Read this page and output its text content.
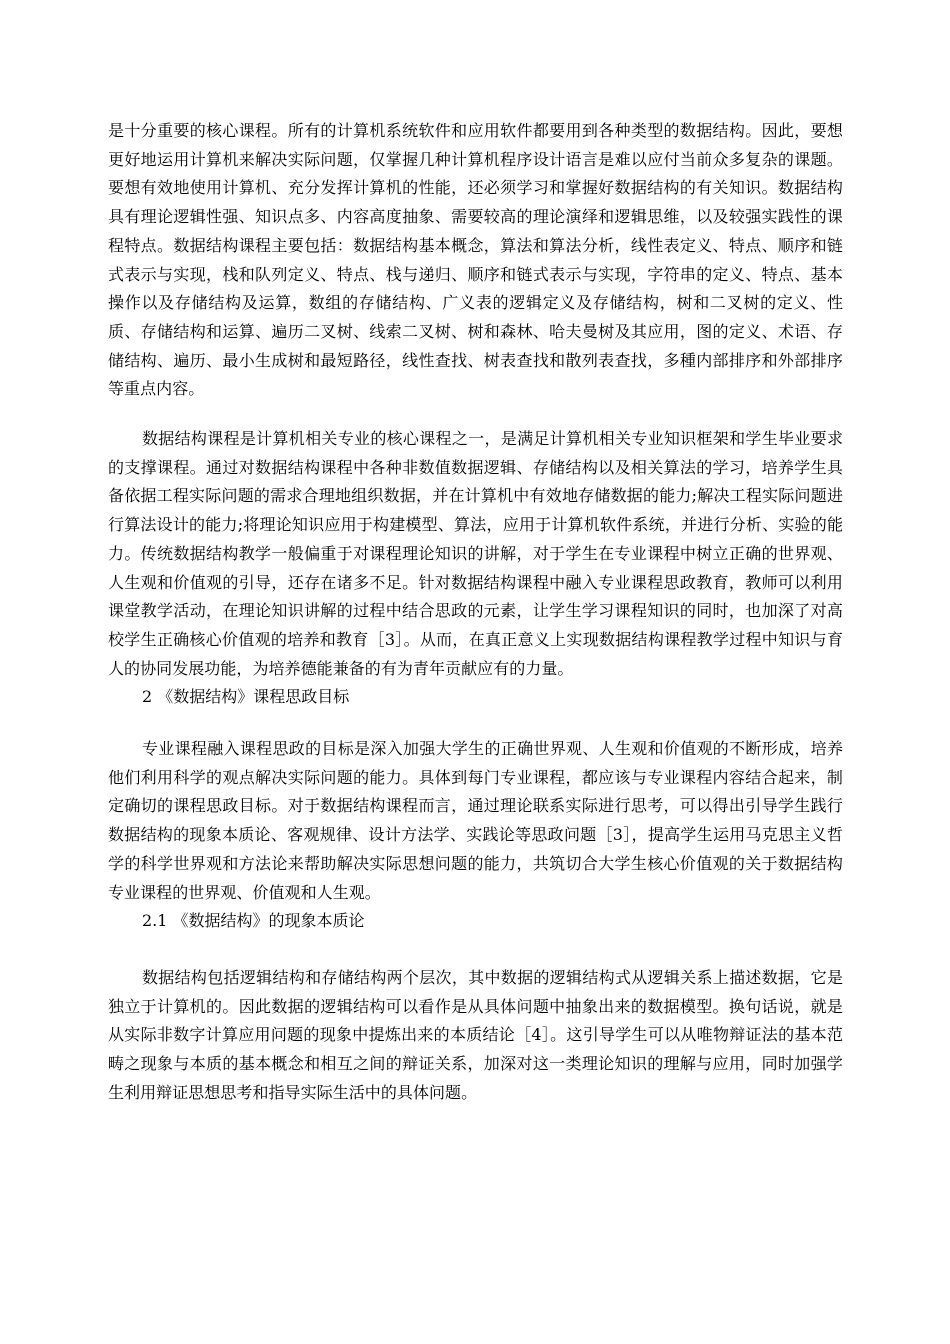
是十分重要的核心课程。所有的计算机系统软件和应用软件都要用到各种类型的数据结构。因此，要想更好地运用计算机来解决实际问题，仅掌握几种计算机程序设计语言是难以应付当前众多复杂的课题。要想有效地使用计算机、充分发挥计算机的性能，还必须学习和掌握好数据结构的有关知识。数据结构具有理论逻辑性强、知识点多、内容高度抽象、需要较高的理论演绎和逻辑思维，以及较强实践性的课程特点。数据结构课程主要包括：数据结构基本概念，算法和算法分析，线性表定义、特点、顺序和链式表示与实现，栈和队列定义、特点、栈与递归、顺序和链式表示与实现，字符串的定义、特点、基本操作以及存储结构及运算，数组的存储结构、广义表的逻辑定义及存储结构，树和二叉树的定义、性质、存储结构和运算、遍历二叉树、线索二叉树、树和森林、哈夫曼树及其应用，图的定义、术语、存储结构、遍历、最小生成树和最短路径，线性查找、树表查找和散列表查找，多種内部排序和外部排序等重点内容。

数据结构课程是计算机相关专业的核心课程之一，是满足计算机相关专业知识框架和学生毕业要求的支撑课程。通过对数据结构课程中各种非数值数据逻辑、存储结构以及相关算法的学习，培养学生具备依据工程实际问题的需求合理地组织数据，并在计算机中有效地存储数据的能力;解决工程实际问题进行算法设计的能力;将理论知识应用于构建模型、算法，应用于计算机软件系统，并进行分析、实验的能力。传统数据结构教学一般偏重于对课程理论知识的讲解，对于学生在专业课程中树立正确的世界观、人生观和价值观的引导，还存在诸多不足。针对数据结构课程中融入专业课程思政教育，教师可以利用课堂教学活动，在理论知识讲解的过程中结合思政的元素，让学生学习课程知识的同时，也加深了对高校学生正确核心价值观的培养和教育［3］。从而，在真正意义上实现数据结构课程教学过程中知识与育人的协同发展功能，为培养德能兼备的有为青年贡献应有的力量。

2 《数据结构》课程思政目标

专业课程融入课程思政的目标是深入加强大学生的正确世界观、人生观和价值观的不断形成，培养他们利用科学的观点解决实际问题的能力。具体到每门专业课程，都应该与专业课程内容结合起来，制定确切的课程思政目标。对于数据结构课程而言，通过理论联系实际进行思考，可以得出引导学生践行数据结构的现象本质论、客观规律、设计方法学、实践论等思政问题［3］，提高学生运用马克思主义哲学的科学世界观和方法论来帮助解决实际思想问题的能力，共筑切合大学生核心价值观的关于数据结构专业课程的世界观、价值观和人生观。

2.1 《数据结构》的现象本质论

数据结构包括逻辑结构和存储结构两个层次，其中数据的逻辑结构式从逻辑关系上描述数据，它是独立于计算机的。因此数据的逻辑结构可以看作是从具体问题中抽象出来的数据模型。换句话说，就是从实际非数字计算应用问题的现象中提炼出来的本质结论［4］。这引导学生可以从唯物辩证法的基本范畴之现象与本质的基本概念和相互之间的辩证关系，加深对这一类理论知识的理解与应用，同时加强学生利用辩证思想思考和指导实际生活中的具体问题。
